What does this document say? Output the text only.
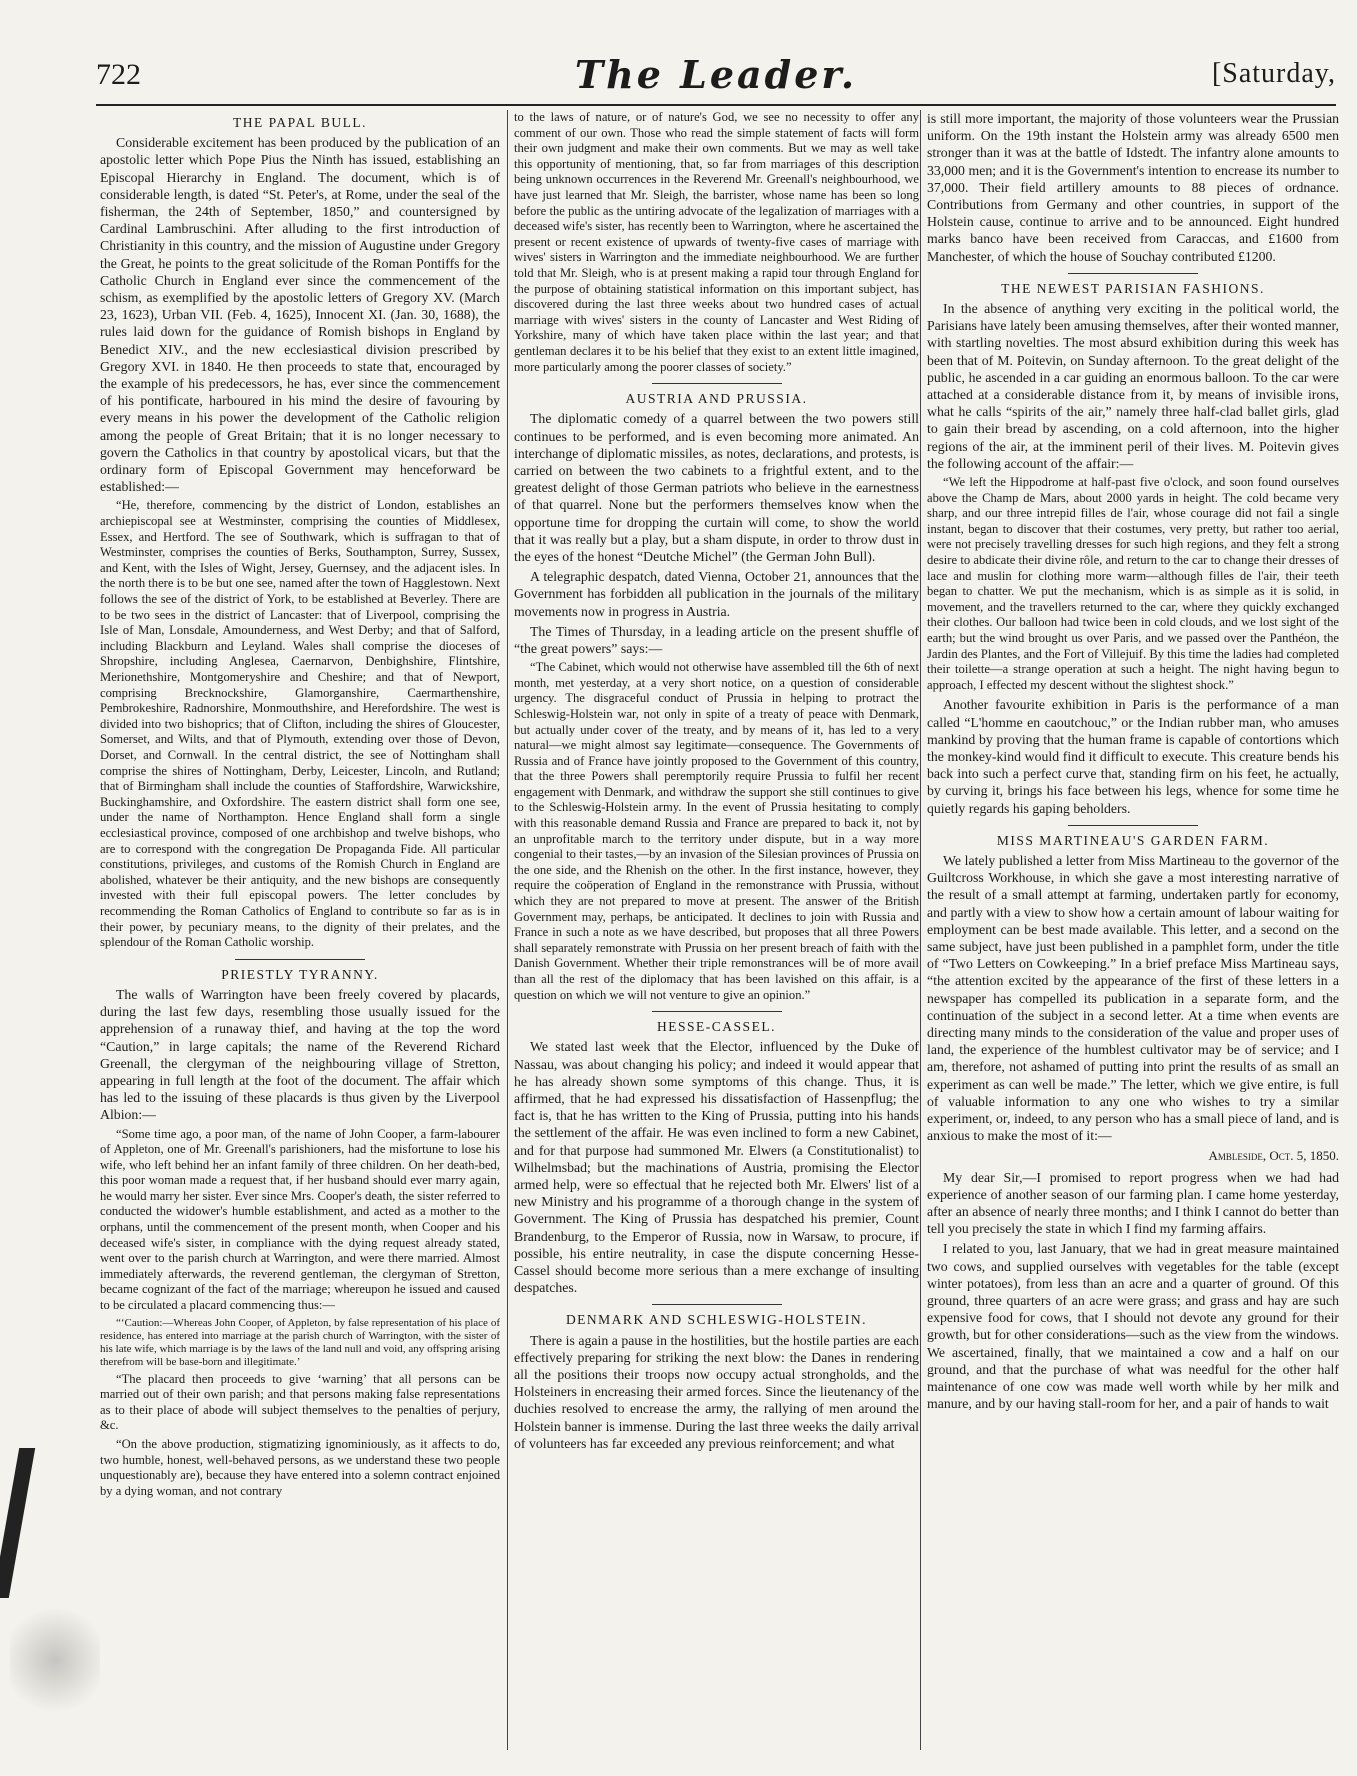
722	The Leader.	[Saturday,
THE PAPAL BULL.

Considerable excitement has been produced by the publication of an apostolic letter which Pope Pius the Ninth has issued, establishing an Episcopal Hierarchy in England. The document, which is of considerable length, is dated “St. Peter's, at Rome, under the seal of the fisherman, the 24th of September, 1850,” and countersigned by Cardinal Lambruschini. After alluding to the first introduction of Christianity in this country, and the mission of Augustine under Gregory the Great, he points to the great solicitude of the Roman Pontiffs for the Catholic Church in England ever since the commencement of the schism, as exemplified by the apostolic letters of Gregory XV. (March 23, 1623), Urban VII. (Feb. 4, 1625), Innocent XI. (Jan. 30, 1688), the rules laid down for the guidance of Romish bishops in England by Benedict XIV., and the new ecclesiastical division prescribed by Gregory XVI. in 1840. He then proceeds to state that, encouraged by the example of his predecessors, he has, ever since the commencement of his pontificate, harboured in his mind the desire of favouring by every means in his power the development of the Catholic religion among the people of Great Britain; that it is no longer necessary to govern the Catholics in that country by apostolical vicars, but that the ordinary form of Episcopal Government may henceforward be established:—

“He, therefore, commencing by the district of London, establishes an archiepiscopal see at Westminster, comprising the counties of Middlesex, Essex, and Hertford. The see of Southwark, which is suffragan to that of Westminster, comprises the counties of Berks, Southampton, Surrey, Sussex, and Kent, with the Isles of Wight, Jersey, Guernsey, and the adjacent isles. In the north there is to be but one see, named after the town of Hagglestown. Next follows the see of the district of York, to be established at Beverley. There are to be two sees in the district of Lancaster: that of Liverpool, comprising the Isle of Man, Lonsdale, Amounderness, and West Derby; and that of Salford, including Blackburn and Leyland. Wales shall comprise the dioceses of Shropshire, including Anglesea, Caernarvon, Denbighshire, Flintshire, Merionethshire, Montgomeryshire and Cheshire; and that of Newport, comprising Brecknockshire, Glamorganshire, Caermarthenshire, Pembrokeshire, Radnorshire, Monmouthshire, and Herefordshire. The west is divided into two bishoprics; that of Clifton, including the shires of Gloucester, Somerset, and Wilts, and that of Plymouth, extending over those of Devon, Dorset, and Cornwall. In the central district, the see of Nottingham shall comprise the shires of Nottingham, Derby, Leicester, Lincoln, and Rutland; that of Birmingham shall include the counties of Staffordshire, Warwickshire, Buckinghamshire, and Oxfordshire. The eastern district shall form one see, under the name of Northampton. Hence England shall form a single ecclesiastical province, composed of one archbishop and twelve bishops, who are to correspond with the congregation De Propaganda Fide. All particular constitutions, privileges, and customs of the Romish Church in England are abolished, whatever be their antiquity, and the new bishops are consequently invested with their full episcopal powers. The letter concludes by recommending the Roman Catholics of England to contribute so far as is in their power, by pecuniary means, to the dignity of their prelates, and the splendour of the Roman Catholic worship.

PRIESTLY TYRANNY.

The walls of Warrington have been freely covered by placards, during the last few days, resembling those usually issued for the apprehension of a runaway thief, and having at the top the word “Caution,” in large capitals; the name of the Reverend Richard Greenall, the clergyman of the neighbouring village of Stretton, appearing in full length at the foot of the document. The affair which has led to the issuing of these placards is thus given by the Liverpool Albion:—

“Some time ago, a poor man, of the name of John Cooper, a farm-labourer of Appleton, one of Mr. Greenall's parishioners, had the misfortune to lose his wife, who left behind her an infant family of three children. On her death-bed, this poor woman made a request that, if her husband should ever marry again, he would marry her sister. Ever since Mrs. Cooper's death, the sister referred to conducted the widower's humble establishment, and acted as a mother to the orphans, until the commencement of the present month, when Cooper and his deceased wife's sister, in compliance with the dying request already stated, went over to the parish church at Warrington, and were there married. Almost immediately afterwards, the reverend gentleman, the clergyman of Stretton, became cognizant of the fact of the marriage; whereupon he issued and caused to be circulated a placard commencing thus:—

“‘Caution:—Whereas John Cooper, of Appleton, by false representation of his place of residence, has entered into marriage at the parish church of Warrington, with the sister of his late wife, which marriage is by the laws of the land null and void, any offspring arising therefrom will be base-born and illegitimate.’

“The placard then proceeds to give ‘warning’ that all persons can be married out of their own parish; and that persons making false representations as to their place of abode will subject themselves to the penalties of perjury, &c.

“On the above production, stigmatizing ignominiously, as it affects to do, two humble, honest, well-behaved persons, as we understand these two people unquestionably are), because they have entered into a solemn contract enjoined by a dying woman, and not contrary

to the laws of nature, or of nature's God, we see no necessity to offer any comment of our own. Those who read the simple statement of facts will form their own judgment and make their own comments. But we may as well take this opportunity of mentioning, that, so far from marriages of this description being unknown occurrences in the Reverend Mr. Greenall's neighbourhood, we have just learned that Mr. Sleigh, the barrister, whose name has been so long before the public as the untiring advocate of the legalization of marriages with a deceased wife's sister, has recently been to Warrington, where he ascertained the present or recent existence of upwards of twenty-five cases of marriage with wives' sisters in Warrington and the immediate neighbourhood. We are further told that Mr. Sleigh, who is at present making a rapid tour through England for the purpose of obtaining statistical information on this important subject, has discovered during the last three weeks about two hundred cases of actual marriage with wives' sisters in the county of Lancaster and West Riding of Yorkshire, many of which have taken place within the last year; and that gentleman declares it to be his belief that they exist to an extent little imagined, more particularly among the poorer classes of society.”

AUSTRIA AND PRUSSIA.

The diplomatic comedy of a quarrel between the two powers still continues to be performed, and is even becoming more animated. An interchange of diplomatic missiles, as notes, declarations, and protests, is carried on between the two cabinets to a frightful extent, and to the greatest delight of those German patriots who believe in the earnestness of that quarrel. None but the performers themselves know when the opportune time for dropping the curtain will come, to show the world that it was really but a play, but a sham dispute, in order to throw dust in the eyes of the honest “Deutche Michel” (the German John Bull).

A telegraphic despatch, dated Vienna, October 21, announces that the Government has forbidden all publication in the journals of the military movements now in progress in Austria.

The Times of Thursday, in a leading article on the present shuffle of “the great powers” says:—

“The Cabinet, which would not otherwise have assembled till the 6th of next month, met yesterday, at a very short notice, on a question of considerable urgency. The disgraceful conduct of Prussia in helping to protract the Schleswig-Holstein war, not only in spite of a treaty of peace with Denmark, but actually under cover of the treaty, and by means of it, has led to a very natural—we might almost say legitimate—consequence. The Governments of Russia and of France have jointly proposed to the Government of this country, that the three Powers shall peremptorily require Prussia to fulfil her recent engagement with Denmark, and withdraw the support she still continues to give to the Schleswig-Holstein army. In the event of Prussia hesitating to comply with this reasonable demand Russia and France are prepared to back it, not by an unprofitable march to the territory under dispute, but in a way more congenial to their tastes,—by an invasion of the Silesian provinces of Prussia on the one side, and the Rhenish on the other. In the first instance, however, they require the coöperation of England in the remonstrance with Prussia, without which they are not prepared to move at present. The answer of the British Government may, perhaps, be anticipated. It declines to join with Russia and France in such a note as we have described, but proposes that all three Powers shall separately remonstrate with Prussia on her present breach of faith with the Danish Government. Whether their triple remonstrances will be of more avail than all the rest of the diplomacy that has been lavished on this affair, is a question on which we will not venture to give an opinion.”

HESSE-CASSEL.

We stated last week that the Elector, influenced by the Duke of Nassau, was about changing his policy; and indeed it would appear that he has already shown some symptoms of this change. Thus, it is affirmed, that he had expressed his dissatisfaction of Hassenpflug; the fact is, that he has written to the King of Prussia, putting into his hands the settlement of the affair. He was even inclined to form a new Cabinet, and for that purpose had summoned Mr. Elwers (a Constitutionalist) to Wilhelmsbad; but the machinations of Austria, promising the Elector armed help, were so effectual that he rejected both Mr. Elwers' list of a new Ministry and his programme of a thorough change in the system of Government. The King of Prussia has despatched his premier, Count Brandenburg, to the Emperor of Russia, now in Warsaw, to procure, if possible, his entire neutrality, in case the dispute concerning Hesse-Cassel should become more serious than a mere exchange of insulting despatches.

DENMARK AND SCHLESWIG-HOLSTEIN.

There is again a pause in the hostilities, but the hostile parties are each effectively preparing for striking the next blow: the Danes in rendering all the positions their troops now occupy actual strongholds, and the Holsteiners in encreasing their armed forces. Since the lieutenancy of the duchies resolved to encrease the army, the rallying of men around the Holstein banner is immense. During the last three weeks the daily arrival of volunteers has far exceeded any previous reinforcement; and what

is still more important, the majority of those volunteers wear the Prussian uniform. On the 19th instant the Holstein army was already 6500 men stronger than it was at the battle of Idstedt. The infantry alone amounts to 33,000 men; and it is the Government's intention to encrease its number to 37,000. Their field artillery amounts to 88 pieces of ordnance. Contributions from Germany and other countries, in support of the Holstein cause, continue to arrive and to be announced. Eight hundred marks banco have been received from Caraccas, and £1600 from Manchester, of which the house of Souchay contributed £1200.

THE NEWEST PARISIAN FASHIONS.

In the absence of anything very exciting in the political world, the Parisians have lately been amusing themselves, after their wonted manner, with startling novelties. The most absurd exhibition during this week has been that of M. Poitevin, on Sunday afternoon. To the great delight of the public, he ascended in a car guiding an enormous balloon. To the car were attached at a considerable distance from it, by means of invisible irons, what he calls “spirits of the air,” namely three half-clad ballet girls, glad to gain their bread by ascending, on a cold afternoon, into the higher regions of the air, at the imminent peril of their lives. M. Poitevin gives the following account of the affair:—

“We left the Hippodrome at half-past five o'clock, and soon found ourselves above the Champ de Mars, about 2000 yards in height. The cold became very sharp, and our three intrepid filles de l'air, whose courage did not fail a single instant, began to discover that their costumes, very pretty, but rather too aerial, were not precisely travelling dresses for such high regions, and they felt a strong desire to abdicate their divine rôle, and return to the car to change their dresses of lace and muslin for clothing more warm—although filles de l'air, their teeth began to chatter. We put the mechanism, which is as simple as it is solid, in movement, and the travellers returned to the car, where they quickly exchanged their clothes. Our balloon had twice been in cold clouds, and we lost sight of the earth; but the wind brought us over Paris, and we passed over the Panthéon, the Jardin des Plantes, and the Fort of Villejuif. By this time the ladies had completed their toilette—a strange operation at such a height. The night having begun to approach, I effected my descent without the slightest shock.”

Another favourite exhibition in Paris is the performance of a man called “L'homme en caoutchouc,” or the Indian rubber man, who amuses mankind by proving that the human frame is capable of contortions which the monkey-kind would find it difficult to execute. This creature bends his back into such a perfect curve that, standing firm on his feet, he actually, by curving it, brings his face between his legs, whence for some time he quietly regards his gaping beholders.

MISS MARTINEAU'S GARDEN FARM.

We lately published a letter from Miss Martineau to the governor of the Guiltcross Workhouse, in which she gave a most interesting narrative of the result of a small attempt at farming, undertaken partly for economy, and partly with a view to show how a certain amount of labour waiting for employment can be best made available. This letter, and a second on the same subject, have just been published in a pamphlet form, under the title of “Two Letters on Cowkeeping.” In a brief preface Miss Martineau says, “the attention excited by the appearance of the first of these letters in a newspaper has compelled its publication in a separate form, and the continuation of the subject in a second letter. At a time when events are directing many minds to the consideration of the value and proper uses of land, the experience of the humblest cultivator may be of service; and I am, therefore, not ashamed of putting into print the results of as small an experiment as can well be made.” The letter, which we give entire, is full of valuable information to any one who wishes to try a similar experiment, or, indeed, to any person who has a small piece of land, and is anxious to make the most of it:—

Ambleside, Oct. 5, 1850.

My dear Sir,—I promised to report progress when we had had experience of another season of our farming plan. I came home yesterday, after an absence of nearly three months; and I think I cannot do better than tell you precisely the state in which I find my farming affairs.

I related to you, last January, that we had in great measure maintained two cows, and supplied ourselves with vegetables for the table (except winter potatoes), from less than an acre and a quarter of ground. Of this ground, three quarters of an acre were grass; and grass and hay are such expensive food for cows, that I should not devote any ground for their growth, but for other considerations—such as the view from the windows. We ascertained, finally, that we maintained a cow and a half on our ground, and that the purchase of what was needful for the other half maintenance of one cow was made well worth while by her milk and manure, and by our having stall-room for her, and a pair of hands to wait
